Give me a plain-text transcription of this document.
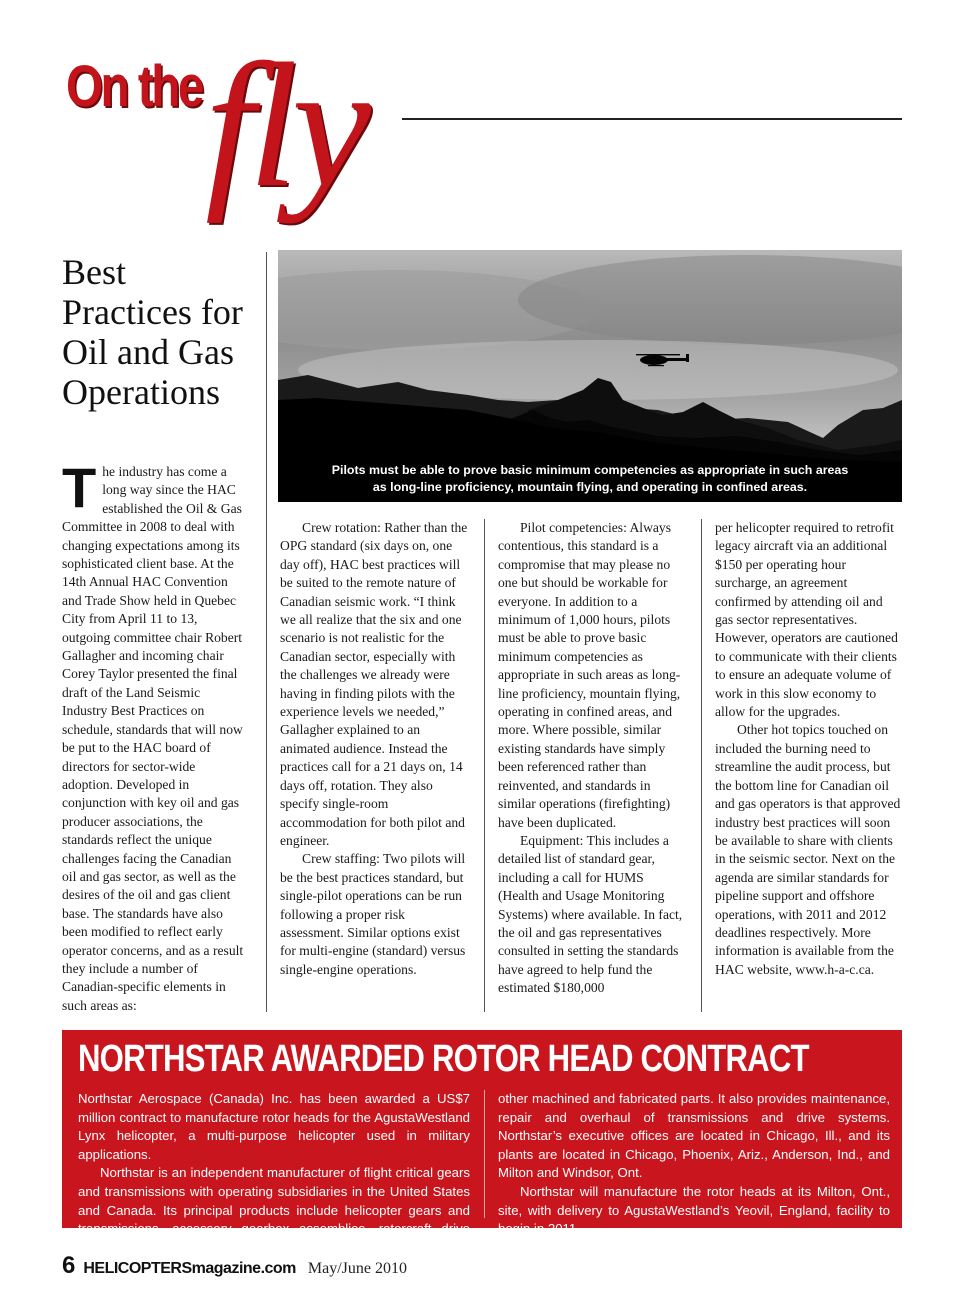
fly
On the
Best Practices for Oil and Gas Operations

The industry has come a long way since the HAC established the Oil & Gas Committee in 2008 to deal with changing expectations among its sophisticated client base. At the 14th Annual HAC Convention and Trade Show held in Quebec City from April 11 to 13, outgoing committee chair Robert Gallagher and incoming chair Corey Taylor presented the final draft of the Land Seismic Industry Best Practices on schedule, standards that will now be put to the HAC board of directors for sector-wide adoption. Developed in conjunction with key oil and gas producer associations, the standards reflect the unique challenges facing the Canadian oil and gas sector, as well as the desires of the oil and gas client base. The standards have also been modified to reflect early operator concerns, and as a result they include a number of Canadian-specific elements in such areas as:

Pilots must be able to prove basic minimum competencies as appropriate in such areas
as long-line proficiency, mountain flying, and operating in confined areas.

Crew rotation: Rather than the OPG standard (six days on, one day off), HAC best practices will be suited to the remote nature of Canadian seismic work. “I think we all realize that the six and one scenario is not realistic for the Canadian sector, especially with the challenges we already were having in finding pilots with the experience levels we needed,” Gallagher explained to an animated audience. Instead the practices call for a 21 days on, 14 days off, rotation. They also specify single-room accommodation for both pilot and engineer.

Crew staffing: Two pilots will be the best practices standard, but single-pilot operations can be run following a proper risk assessment. Similar options exist for multi-engine (standard) versus single-engine operations.

Pilot competencies: Always contentious, this standard is a compromise that may please no one but should be workable for everyone. In addition to a minimum of 1,000 hours, pilots must be able to prove basic minimum competencies as appropriate in such areas as long-line proficiency, mountain flying, operating in confined areas, and more. Where possible, similar existing standards have simply been referenced rather than reinvented, and standards in similar operations (firefighting) have been duplicated.

Equipment: This includes a detailed list of standard gear, including a call for HUMS (Health and Usage Monitoring Systems) where available. In fact, the oil and gas representatives consulted in setting the standards have agreed to help fund the estimated $180,000

per helicopter required to retrofit legacy aircraft via an additional $150 per operating hour surcharge, an agreement confirmed by attending oil and gas sector representatives. However, operators are cautioned to communicate with their clients to ensure an adequate volume of work in this slow economy to allow for the upgrades.

Other hot topics touched on included the burning need to streamline the audit process, but the bottom line for Canadian oil and gas operators is that approved industry best practices will soon be available to share with clients in the seismic sector. Next on the agenda are similar standards for pipeline support and offshore operations, with 2011 and 2012 deadlines respectively. More information is available from the HAC website, www.h-a-c.ca.

NORTHSTAR AWARDED ROTOR HEAD CONTRACT

Northstar Aerospace (Canada) Inc. has been awarded a US$7 million contract to manufacture rotor heads for the AgustaWestland Lynx helicopter, a multi-purpose helicopter used in military applications.

Northstar is an independent manufacturer of flight critical gears and transmissions with operating subsidiaries in the United States and Canada. Its principal products include helicopter gears and transmissions, accessory gearbox assemblies, rotorcraft drive systems and

other machined and fabricated parts. It also provides maintenance, repair and overhaul of transmissions and drive systems. Northstar’s executive offices are located in Chicago, Ill., and its plants are located in Chicago, Phoenix, Ariz., Anderson, Ind., and Milton and Windsor, Ont.

Northstar will manufacture the rotor heads at its Milton, Ont., site, with delivery to AgustaWestland’s Yeovil, England, facility to begin in 2011.

6 HELICOPTERSmagazine.com May/June 2010
